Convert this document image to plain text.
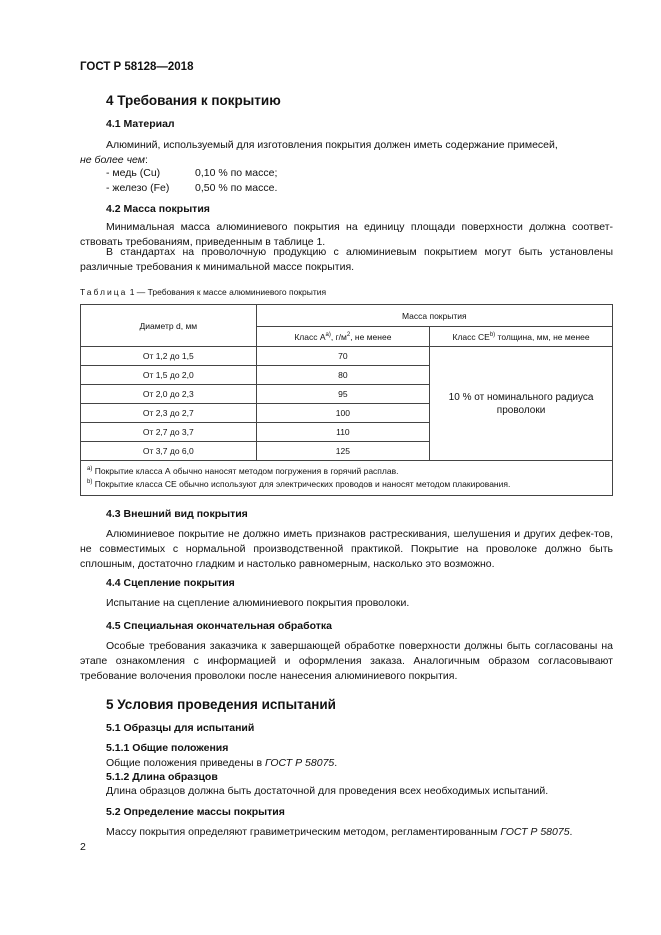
ГОСТ Р 58128—2018
4 Требования к покрытию
4.1 Материал
Алюминий, используемый для изготовления покрытия должен иметь содержание примесей,
не более чем:
- медь (Cu)	0,10 % по массе;
- железо (Fe) 0,50 % по массе.
4.2 Масса покрытия
Минимальная масса алюминиевого покрытия на единицу площади поверхности должна соответ-ствовать требованиям, приведенным в таблице 1.
В стандартах на проволочную продукцию с алюминиевым покрытием могут быть установлены различные требования к минимальной массе покрытия.
Таблица 1 — Требования к массе алюминиевого покрытия
Диаметр d, мм	Масса покрытия	
	Класс $А^{a)}$, $г/м^2$, не менее	Класс СЕ$^{b)}$ толщина, мм, не менее
От 1,2 до 1,5	70	10 % от номинального радиуса проволоки
От 1,5 до 2,0	80	
От 2,0 до 2,3	95	
От 2,3 до 2,7	100	
От 2,7 до 3,7	110	
От 3,7 до 6,0	125	

$^{a)}$ Покрытие класса А обычно наносят методом погружения в горячий расплав.
$^{b)}$ Покрытие класса СЕ обычно используют для электрических проводов и наносят методом плакирования.		
4.3 Внешний вид покрытия
Алюминиевое покрытие не должно иметь признаков растрескивания, шелушения и других дефек-тов, не совместимых с нормальной производственной практикой. Покрытие на проволоке должно быть сплошным, достаточно гладким и настолько равномерным, насколько это возможно.
4.4 Сцепление покрытия
Испытание на сцепление алюминиевого покрытия проволоки.
4.5 Специальная окончательная обработка
Особые требования заказчика к завершающей обработке поверхности должны быть согласованы на этапе ознакомления с информацией и оформления заказа. Аналогичным образом согласовывают требование волочения проволоки после нанесения алюминиевого покрытия.
5 Условия проведения испытаний
5.1 Образцы для испытаний
5.1.1 Общие положения
Общие положения приведены в ГОСТ Р 58075.
5.1.2 Длина образцов
Длина образцов должна быть достаточной для проведения всех необходимых испытаний.
5.2 Определение массы покрытия
Массу покрытия определяют гравиметрическим методом, регламентированным ГОСТ Р 58075.
2
